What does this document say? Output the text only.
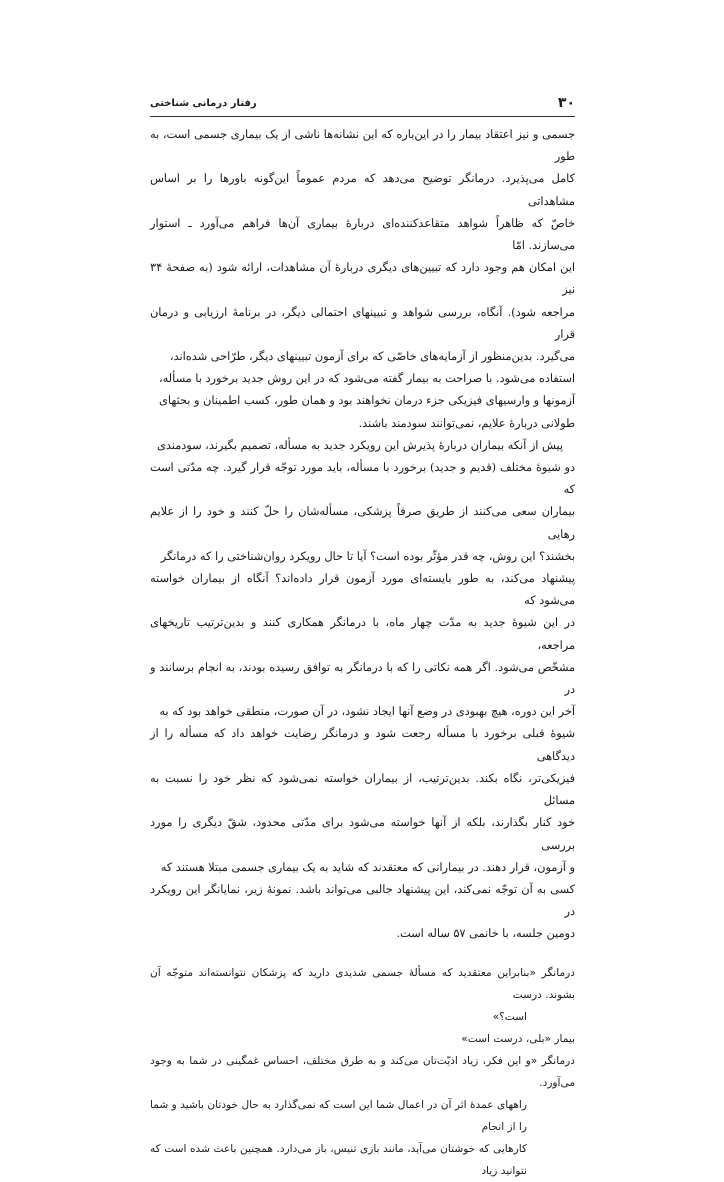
۳۰
رفتار درمانی شناختی
جسمی و نیز اعتقاد بیمار را در این‌باره که این نشانه‌ها ناشی از یک بیماری جسمی است، به طور
کامل می‌پذیرد. درمانگر توضیح می‌دهد که مردم عموماً این‌گونه باورها را بر اساس مشاهداتی
خاصّ که ظاهراً شواهد متقاعدکننده‌ای دربارهٔ بیماری آن‌ها فراهم می‌آورد ـ استوار می‌سازند. امّا
این امکان هم وجود دارد که تبیین‌های دیگری دربارهٔ آن مشاهدات، ارائه شود (به صفحهٔ ۳۴ نیز
مراجعه شود). آنگاه، بررسی شواهد و تبیینهای احتمالی دیگر، در برنامهٔ ارزیابی و درمان قرار
می‌گیرد. بدین‌منظور از آزمایه‌های خاصّی که برای آزمون تبیینهای دیگر، طرّاحی شده‌اند،
استفاده می‌شود. با صراحت به بیمار گفته می‌شود که در این روش جدید برخورد با مسأله،
آزمونها و وارسیهای فیزیکی جزء درمان نخواهند بود و همان طور، کسب اطمینان و بحثهای
طولانی دربارهٔ علایم، نمی‌توانند سودمند باشند.
پیش از آنکه بیماران دربارهٔ پذیرش این رویکرد جدید به مسأله، تصمیم بگیرند، سودمندی
دو شیوهٔ مختلف (قدیم و جدید) برخورد با مسأله، باید مورد توجّه قرار گیرد. چه مدّتی است که
بیماران سعی می‌کنند از طریق صرفاً پزشکی، مسأله‌شان را حلّ کنند و خود را از علایم رهایی
بخشند؟ این روش، چه قدر مؤثّر بوده است؟ آیا تا حال رویکرد روان‌شناختی را که درمانگر
پیشنهاد می‌کند، به طور بایسته‌ای مورد آزمون قرار داده‌اند؟ آنگاه از بیماران خواسته می‌شود که
در این شیوهٔ جدید به مدّت چهار ماه، با درمانگر همکاری کنند و بدین‌ترتیب تاریخهای مراجعه،
مشخّص می‌شود. اگر همه نکاتی را که با درمانگر به توافق رسیده بودند، به انجام برسانند و در
آخر این دوره، هیچ بهبودی در وضع آنها ایجاد نشود، در آن صورت، منطقی خواهد بود که به
شیوهٔ قبلی برخورد با مسأله رجعت شود و درمانگر رضایت خواهد داد که مسأله را از دیدگاهی
فیزیکی‌تر، نگاه بکند. بدین‌ترتیب، از بیماران خواسته نمی‌شود که نظر خود را نسبت به مسائل
خود کنار بگذارند، بلکه از آنها خواسته می‌شود برای مدّتی محدود، شقّ دیگری را مورد بررسی
و آزمون، قرار دهند. در بیمارانی که معتقدند که شاید به یک بیماری جسمی مبتلا هستند که
کسی به آن توجّه نمی‌کند، این پیشنهاد جالبی می‌تواند باشد. نمونهٔ زیر، نمایانگر این رویکرد در
دومین جلسه، با خانمی ۵۷ ساله است.
درمانگر «بنابراین معتقدید که مسألهٔ جسمی شدیدی دارید که پزشکان نتوانسته‌اند متوجّه آن بشوند. درست
است؟»
بیمار «بلی، درست است»
درمانگر «و این فکر، زیاد اذیّت‌تان می‌کند و به طرق مختلف، احساس غمگینی در شما به وجود می‌آورد.
راههای عمدهٔ اثر آن در اعمال شما این است که نمی‌گذارد به حال خودتان باشید و شما را از انجام
کارهایی که خوشتان می‌آید، مانند بازی تنیس، باز می‌دارد. همچنین باعث شده است که نتوانید زیاد
